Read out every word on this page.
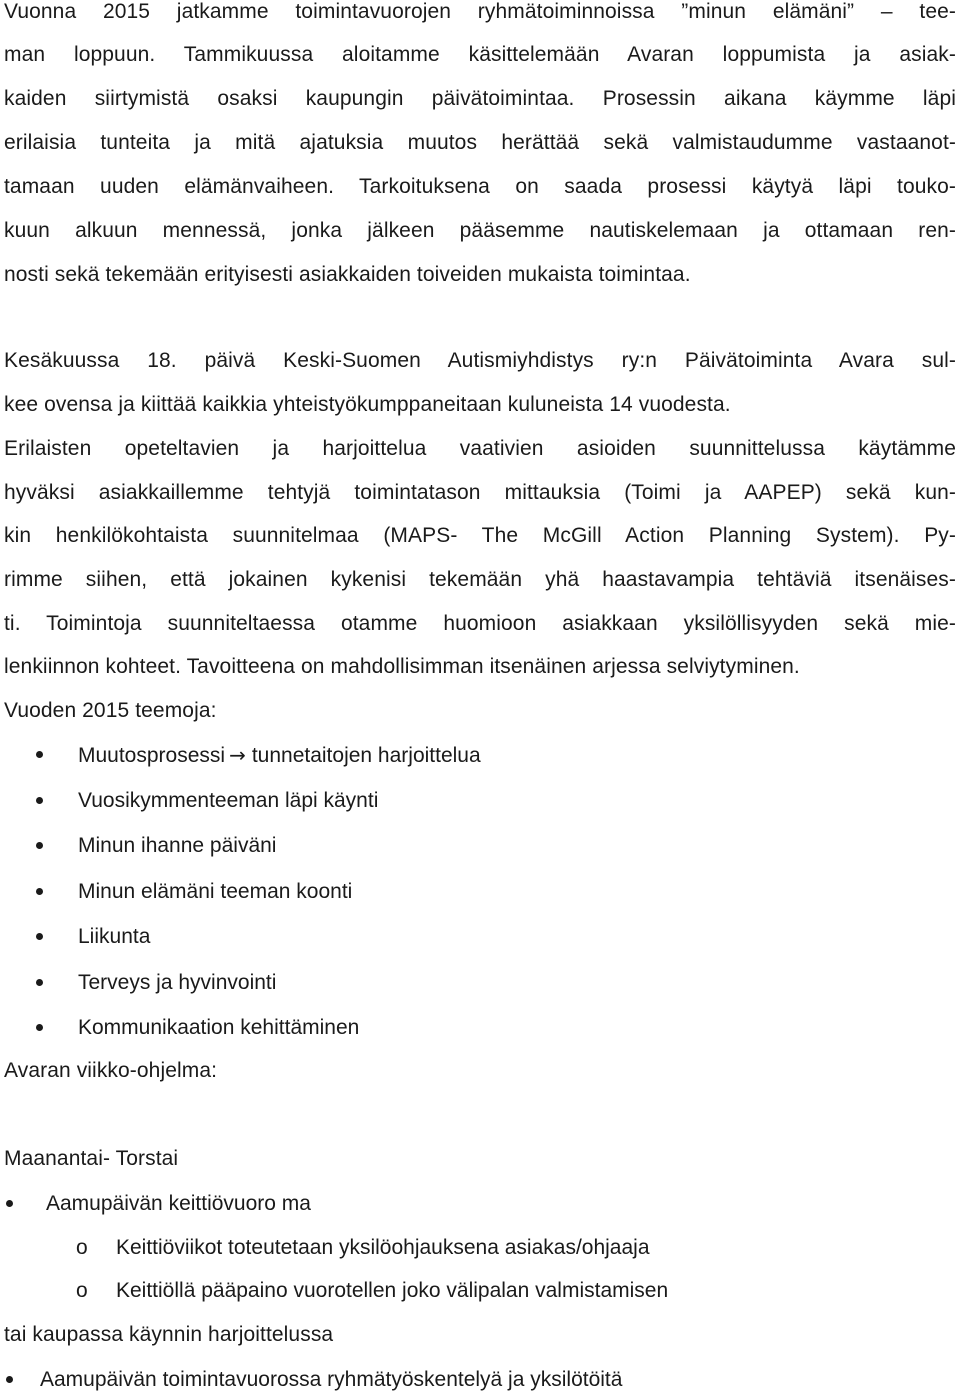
Vuonna 2015 jatkamme toimintavuorojen ryhmätoiminnoissa ”minun elämäni” – tee-
man loppuun. Tammikuussa aloitamme käsittelemään Avaran loppumista ja asiak-
kaiden siirtymistä osaksi kaupungin päivätoimintaa. Prosessin aikana käymme läpi
erilaisia tunteita ja mitä ajatuksia muutos herättää sekä valmistaudumme vastaanot-
tamaan uuden elämänvaiheen. Tarkoituksena on saada prosessi käytyä läpi touko-
kuun alkuun mennessä, jonka jälkeen pääsemme nautiskelemaan ja ottamaan ren-
nosti sekä tekemään erityisesti asiakkaiden toiveiden mukaista toimintaa.
Kesäkuussa 18. päivä Keski-Suomen Autismiyhdistys ry:n Päivätoiminta Avara sul-
kee ovensa ja kiittää kaikkia yhteistyökumppaneitaan kuluneista 14 vuodesta.
Erilaisten opeteltavien ja harjoittelua vaativien asioiden suunnittelussa käytämme
hyväksi asiakkaillemme tehtyjä toimintatason mittauksia (Toimi ja AAPEP) sekä kun-
kin henkilökohtaista suunnitelmaa (MAPS- The McGill Action Planning System). Py-
rimme siihen, että jokainen kykenisi tekemään yhä haastavampia tehtäviä itsenäises-
ti. Toimintoja suunniteltaessa otamme huomioon asiakkaan yksilöllisyyden sekä mie-
lenkiinnon kohteet. Tavoitteena on mahdollisimman itsenäinen arjessa selviytyminen.
Vuoden 2015 teemoja:
Muutosprosessi → tunnetaitojen harjoittelua
Vuosikymmenteeman läpi käynti
Minun ihanne päiväni
Minun elämäni teeman koonti
Liikunta
Terveys ja hyvinvointi
Kommunikaation kehittäminen
Avaran viikko-ohjelma:
Maanantai- Torstai
Aamupäivän keittiövuoro ma
o Keittiöviikot toteutetaan yksilöohjauksena asiakas/ohjaaja
o Keittiöllä pääpaino vuorotellen joko välipalan valmistamisen
tai kaupassa käynnin harjoittelussa
Aamupäivän toimintavuorossa ryhmätyöskentelyä ja yksilötöitä
